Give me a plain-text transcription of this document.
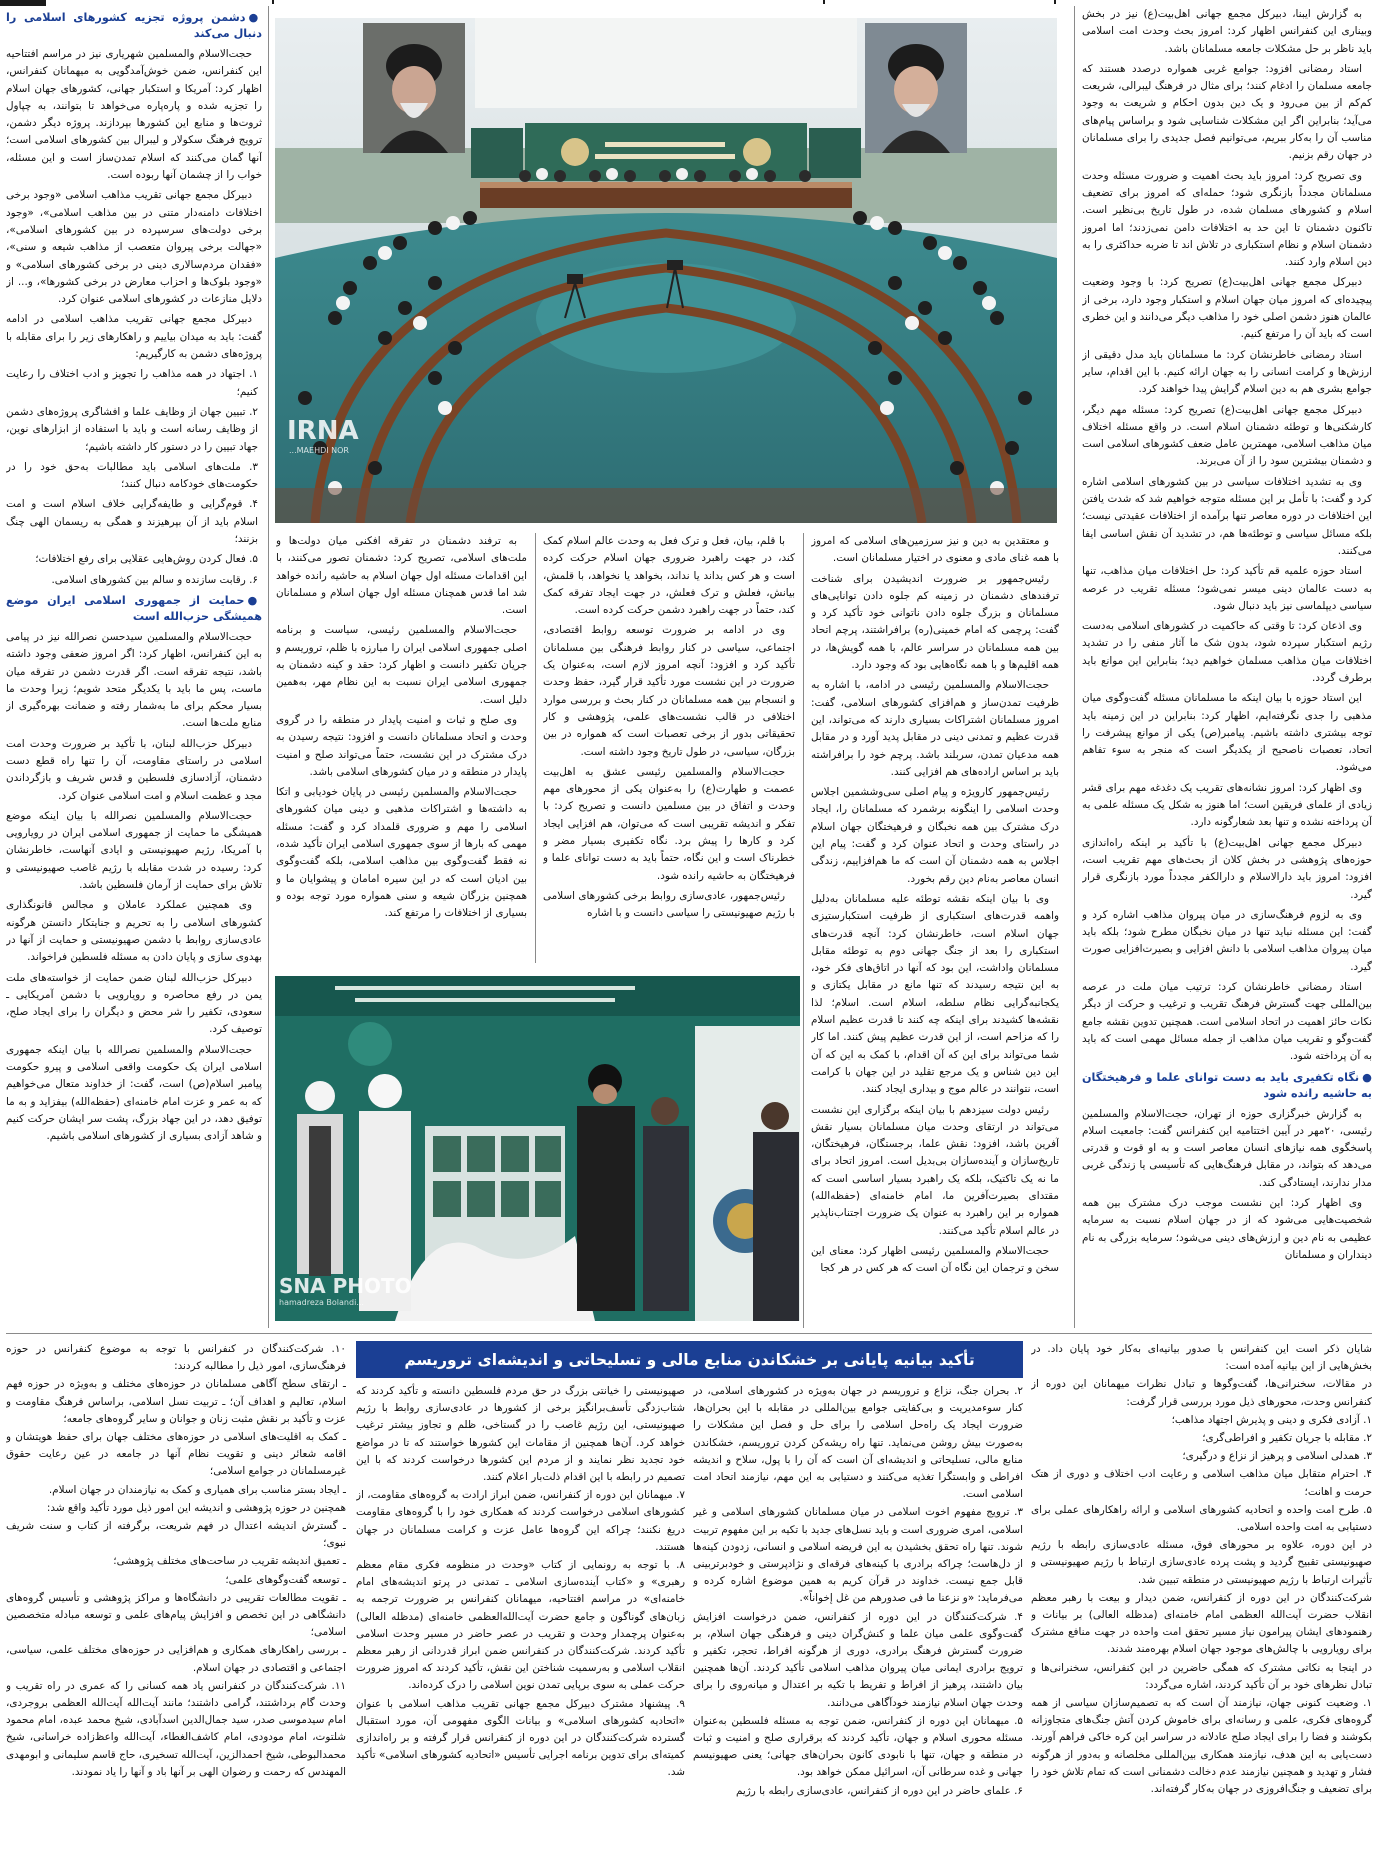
به گزارش ایبنا، دبیرکل مجمع جهانی اهل‌بیت(ع) نیز در بخش وبیناری این کنفرانس اظهار کرد: امروز بحث وحدت امت اسلامی باید ناظر بر حل مشکلات جامعه مسلمانان باشد.

استاد رمضانی افزود: جوامع غربی همواره درصدد هستند که جامعه مسلمان را ادغام کنند؛ برای مثال در فرهنگ لیبرالی، شریعت کم‌کم از بین می‌رود و یک دین بدون احکام و شریعت به وجود می‌آید؛ بنابراین اگر این مشکلات شناسایی شود و براساس پیام‌های مناسب آن را به‌کار ببریم، می‌توانیم فصل جدیدی را برای مسلمانان در جهان رقم بزنیم.

وی تصریح کرد: امروز باید بحث اهمیت و ضرورت مسئله وحدت مسلمانان مجدداً بازنگری شود؛ حمله‌ای که امروز برای تضعیف اسلام و کشورهای مسلمان شده، در طول تاریخ بی‌نظیر است. تاکنون دشمنان تا این حد به اختلافات دامن نمی‌زدند؛ اما امروز دشمنان اسلام و نظام استکباری در تلاش اند تا ضربه حداکثری را به دین اسلام وارد کنند.

دبیرکل مجمع جهانی اهل‌بیت(ع) تصریح کرد: با وجود وضعیت پیچیده‌ای که امروز میان جهان اسلام و استکبار وجود دارد، برخی از عالمان هنوز دشمن اصلی خود را مذاهب دیگر می‌دانند و این خطری است که باید آن را مرتفع کنیم.

استاد رمضانی خاطرنشان کرد: ما مسلمانان باید مدل دقیقی از ارزش‌ها و کرامت انسانی را به جهان ارائه کنیم. با این اقدام، سایر جوامع بشری هم به دین اسلام گرایش پیدا خواهند کرد.

دبیرکل مجمع جهانی اهل‌بیت(ع) تصریح کرد: مسئله مهم دیگر، کارشکنی‌ها و توطئه دشمنان اسلام است. در واقع مسئله اختلاف میان مذاهب اسلامی، مهمترین عامل ضعف کشورهای اسلامی است و دشمنان بیشترین سود را از آن می‌برند.

وی به تشدید اختلافات سیاسی در بین کشورهای اسلامی اشاره کرد و گفت: با تأمل بر این مسئله متوجه خواهیم شد که شدت یافتن این اختلافات در دوره معاصر تنها برآمده از اختلافات عقیدتی نیست؛ بلکه مسائل سیاسی و توطئه‌ها هم، در تشدید آن نقش اساسی ایفا می‌کنند.

استاد حوزه علمیه قم تأکید کرد: حل اختلافات میان مذاهب، تنها به دست عالمان دینی میسر نمی‌شود؛ مسئله تقریب در عرصه سیاسی دیپلماسی نیز باید دنبال شود.

وی اذعان کرد: تا وقتی که حاکمیت در کشورهای اسلامی به‌دست رژیم استکبار سپرده شود، بدون شک ما آثار منفی را در تشدید اختلافات میان مذاهب مسلمان خواهیم دید؛ بنابراین این موانع باید برطرف گردد.

این استاد حوزه با بیان اینکه ما مسلمانان مسئله گفت‌وگوی میان مذهبی را جدی نگرفته‌ایم، اظهار کرد: بنابراین در این زمینه باید توجه بیشتری داشته باشیم. پیامبر(ص) یکی از موانع پیشرفت را اتحاد، تعصبات ناصحیح از یکدیگر است که منجر به سوء تفاهم می‌شود.

وی اظهار کرد: امروز نشانه‌های تقریب یک دغدغه مهم برای قشر زیادی از علمای فریقین است؛ اما هنوز به شکل یک مسئله علمی به آن پرداخته نشده و تنها بعد شعارگونه دارد.

دبیرکل مجمع جهانی اهل‌بیت(ع) با تأکید بر اینکه راه‌اندازی حوزه‌های پژوهشی در بخش کلان از بحث‌های مهم تقریب است، افزود: امروز باید دارالاسلام و دارالکفر مجدداً مورد بازنگری قرار گیرد.

وی به لزوم فرهنگ‌سازی در میان پیروان مذاهب اشاره کرد و گفت: این مسئله نباید تنها در میان نخبگان مطرح شود؛ بلکه باید میان پیروان مذاهب اسلامی با دانش افزایی و بصیرت‌افزایی صورت گیرد.

استاد رمضانی خاطرنشان کرد: ترتیب میان ملت در عرصه بین‌المللی جهت گسترش فرهنگ تقریب و ترغیب و حرکت از دیگر نکات حائز اهمیت در اتحاد اسلامی است. همچنین تدوین نقشه جامع گفت‌وگو و تقریب میان مذاهب از جمله مسائل مهمی است که باید به آن پرداخته شود.

●نگاه تکفیری باید به دست توانای علما و فرهیختگان به حاشیه رانده شود

به گزارش خبرگزاری حوزه از تهران، حجت‌الاسلام والمسلمین رئیسی، ۲۰مهر در آیین اختتامیه این کنفرانس گفت: جامعیت اسلام پاسخگوی همه نیازهای انسان معاصر است و به او قوت و قدرتی می‌دهد که بتواند، در مقابل فرهنگ‌هایی که تأسیسی یا زندگی غربی مدار ندارند، ایستادگی کند.

وی اظهار کرد: این نشست موجب درک مشترک بین همه شخصیت‌هایی می‌شود که از در جهان اسلام نسبت به سرمایه عظیمی به نام دین و ارزش‌های دینی می‌شود؛ سرمایه بزرگی به نام دینداران و مسلمانان

IRNA
MAEHDI NOR...

و معتقدین به دین و نیز سرزمین‌های اسلامی که امروز با همه غنای مادی و معنوی در اختیار مسلمانان است.

رئیس‌جمهور بر ضرورت اندیشیدن برای شناخت ترفندهای دشمنان در زمینه کم جلوه دادن توانایی‌های مسلمانان و بزرگ جلوه دادن ناتوانی خود تأکید کرد و گفت: پرچمی که امام خمینی(ره) برافراشتند، پرچم اتحاد بین همه مسلمانان در سراسر عالم، با همه گویش‌ها، در همه اقلیم‌ها و با همه نگاه‌هایی بود که وجود دارد.

حجت‌الاسلام والمسلمین رئیسی در ادامه، با اشاره به ظرفیت تمدن‌ساز و هم‌افزای کشورهای اسلامی، گفت: امروز مسلمانان اشتراکات بسیاری دارند که می‌تواند، این قدرت عظیم و تمدنی دینی در مقابل پدید آورد و در مقابل همه مدعیان تمدن، سربلند باشد. پرچم خود را برافراشته باید بر اساس اراده‌های هم افزایی کنند.

رئیس‌جمهور کارویژه و پیام اصلی سی‌وششمین اجلاس وحدت اسلامی را اینگونه برشمرد که مسلمانان را، ایجاد درک مشترک بین همه نخبگان و فرهیختگان جهان اسلام در راستای وحدت و اتحاد عنوان کرد و گفت: پیام این اجلاس به همه دشمنان آن است که ما هم‌افزاییم، زندگی انسان معاصر به‌نام دین رقم بخورد.

وی با بیان اینکه نقشه توطئه علیه مسلمانان به‌دلیل واهمه قدرت‌های استکباری از ظرفیت استکبارستیزی جهان اسلام است، خاطرنشان کرد: آنچه قدرت‌های استکباری را بعد از جنگ جهانی دوم به توطئه مقابل مسلمانان واداشت، این بود که آنها در اتاق‌های فکر خود، به این نتیجه رسیدند که تنها مانع در مقابل یکتازی و یکجانبه‌گرایی نظام سلطه، اسلام است. اسلام؛ لذا نقشه‌ها کشیدند برای اینکه چه کنند تا قدرت عظیم اسلام را که مزاحم است، از این قدرت عظیم پیش کنند. اما کار شما می‌تواند برای این که آن اقدام، با کمک به این که آن این دین شناس و یک مرجع تقلید در این جهان با کرامت است، نتوانند در عالم موج و بیداری ایجاد کنند.

رئیس دولت سیزدهم با بیان اینکه برگزاری این نشست می‌تواند در ارتقای وحدت میان مسلمانان بسیار نقش آفرین باشد، افزود: نقش علما، برجستگان، فرهیختگان، تاریخ‌سازان و آینده‌سازان بی‌بدیل است. امروز اتحاد برای ما نه یک تاکتیک، بلکه یک راهبرد بسیار اساسی است که مقتدای بصیرت‌آفرین ما، امام خامنه‌ای (حفظه‌الله) همواره بر این راهبرد به عنوان یک ضرورت اجتناب‌ناپذیر در عالم اسلام تأکید می‌کنند.

حجت‌الاسلام والمسلمین رئیسی اظهار کرد: معنای این سخن و ترجمان این نگاه آن است که هر کس در هر کجا

با قلم، بیان، فعل و ترک فعل به وحدت عالم اسلام کمک کند، در جهت راهبرد ضروری جهان اسلام حرکت کرده است و هر کس بداند یا نداند، بخواهد یا نخواهد، با قلمش، بیانش، فعلش و ترک فعلش، در جهت ایجاد تفرقه کمک کند، حتماً در جهت راهبرد دشمن حرکت کرده است.

وی در ادامه بر ضرورت توسعه روابط اقتصادی، اجتماعی، سیاسی در کنار روابط فرهنگی بین مسلمانان تأکید کرد و افزود: آنچه امروز لازم است، به‌عنوان یک ضرورت در این نشست مورد تأکید قرار گیرد، حفظ وحدت و انسجام بین همه مسلمانان در کنار بحث و بررسی موارد اختلافی در قالب نشست‌های علمی، پژوهشی و کار تحقیقاتی بدور از برخی تعصبات است که همواره در بین بزرگان، سیاسی، در طول تاریخ وجود داشته است.

حجت‌الاسلام والمسلمین رئیسی عشق به اهل‌بیت عصمت و طهارت(ع) را به‌عنوان یکی از محورهای مهم وحدت و اتفاق در بین مسلمین دانست و تصریح کرد: با تفکر و اندیشه تقریبی است که می‌توان، هم افزایی ایجاد کرد و کارها را پیش برد. نگاه تکفیری بسیار مضر و خطرناک است و این نگاه، حتماً باید به دست توانای علما و فرهیختگان به حاشیه رانده شود.

رئیس‌جمهور، عادی‌سازی روابط برخی کشورهای اسلامی با رژیم صهیونیستی را سیاسی دانست و با اشاره

به ترفند دشمنان در تفرقه افکنی میان دولت‌ها و ملت‌های اسلامی، تصریح کرد: دشمنان تصور می‌کنند، با این اقدامات مسئله اول جهان اسلام به حاشیه رانده خواهد شد اما قدس همچنان مسئله اول جهان اسلام و مسلمانان است.

حجت‌الاسلام والمسلمین رئیسی، سیاست و برنامه اصلی جمهوری اسلامی ایران را مبارزه با ظلم، تروریسم و جریان تکفیر دانست و اظهار کرد: حقد و کینه دشمنان به جمهوری اسلامی ایران نسبت به این نظام مهر، به‌همین دلیل است.

وی صلح و ثبات و امنیت پایدار در منطقه را در گروی وحدت و اتحاد مسلمانان دانست و افزود: نتیجه رسیدن به درک مشترک در این نشست، حتماً می‌تواند صلح و امنیت پایدار در منطقه و در میان کشورهای اسلامی باشد.

حجت‌الاسلام والمسلمین رئیسی در پایان خودیابی و اتکا به داشته‌ها و اشتراکات مذهبی و دینی میان کشورهای اسلامی را مهم و ضروری قلمداد کرد و گفت: مسئله مهمی که بارها از سوی جمهوری اسلامی ایران تأکید شده، نه فقط گفت‌وگوی بین مذاهب اسلامی، بلکه گفت‌وگوی بین ادیان است که در این سیره امامان و پیشوایان ما و همچنین بزرگان شیعه و سنی همواره مورد توجه بوده و بسیاری از اختلافات را مرتفع کند.

SNA PHOTO
...hamadreza Bolandi
●دشمن پروژه تجزیه کشورهای اسلامی را دنبال می‌کند

حجت‌الاسلام والمسلمین شهریاری نیز در مراسم افتتاحیه این کنفرانس، ضمن خوش‌آمدگویی به میهمانان کنفرانس، اظهار کرد: آمریکا و استکبار جهانی، کشورهای جهان اسلام را تجزیه شده و پاره‌پاره می‌خواهد تا بتوانند، به چپاول ثروت‌ها و منابع این کشورها بپردازند. پروژه دیگر دشمن، ترویج فرهنگ سکولار و لیبرال بین کشورهای اسلامی است؛ آنها گمان می‌کنند که اسلام تمدن‌ساز است و این مسئله، خواب را از چشمان آنها ربوده است.

دبیرکل مجمع جهانی تقریب مذاهب اسلامی «وجود برخی اختلافات دامنه‌دار متنی در بین مذاهب اسلامی»، «وجود برخی دولت‌های سرسپرده در بین کشورهای اسلامی»، «جهالت برخی پیروان متعصب از مذاهب شیعه و سنی»، «فقدان مردم‌سالاری دینی در برخی کشورهای اسلامی» و «وجود بلوک‌ها و احزاب معارض در برخی کشورها»، و... از دلایل منازعات در کشورهای اسلامی عنوان کرد.

دبیرکل مجمع جهانی تقریب مذاهب اسلامی در ادامه گفت: باید به میدان بیاییم و راهکارهای زیر را برای مقابله با پروژه‌های دشمن به کارگیریم:

۱. اجتهاد در همه مذاهب را تجویز و ادب اختلاف را رعایت کنیم؛

۲. تبیین جهان از وظایف علما و افشاگری پروژه‌های دشمن از وظایف رسانه است و باید با استفاده از ابزارهای نوین، جهاد تبیین را در دستور کار داشته باشیم؛

۳. ملت‌های اسلامی باید مطالبات به‌حق خود را در حکومت‌های خودکامه دنبال کنند؛

۴. قوم‌گرایی و طایفه‌گرایی خلاف اسلام است و امت اسلام باید از آن بپرهیزند و همگی به ریسمان الهی چنگ بزنند؛

۵. فعال کردن روش‌هایی عقلایی برای رفع اختلافات؛

۶. رقابت سازنده و سالم بین کشورهای اسلامی.

●حمایت از جمهوری اسلامی ایران موضع همیشگی حزب‌الله است

حجت‌الاسلام والمسلمین سیدحسن نصرالله نیز در پیامی به این کنفرانس، اظهار کرد: اگر امروز ضعفی وجود داشته باشد، نتیجه تفرقه است. اگر قدرت دشمن در تفرقه میان ماست، پس ما باید با یکدیگر متحد شویم؛ زیرا وحدت ما بسیار محکم برای ما به‌شمار رفته و ضمانت بهره‌گیری از منابع ملت‌ها است.

دبیرکل حزب‌الله لبنان، با تأکید بر ضرورت وحدت امت اسلامی در راستای مقاومت، آن را تنها راه قطع دست دشمنان، آزادسازی فلسطین و قدس شریف و بازگرداندن مجد و عظمت اسلام و امت اسلامی عنوان کرد.

حجت‌الاسلام والمسلمین نصرالله با بیان اینکه موضع همیشگی ما حمایت از جمهوری اسلامی ایران در رویارویی با آمریکا، رژیم صهیونیستی و ایادی آنهاست، خاطرنشان کرد: رسیده در شدت مقابله با رژیم غاصب صهیونیستی و تلاش برای حمایت از آرمان فلسطین باشد.

وی همچنین عملکرد عاملان و مجالس قانونگذاری کشورهای اسلامی را به تحریم و جنایتکار دانستن هرگونه عادی‌سازی روابط با دشمن صهیونیستی و حمایت از آنها در بهدوی سازی و پایان دادن به مسئله فلسطین فراخواند.

دبیرکل حزب‌الله لبنان ضمن حمایت از خواسته‌های ملت یمن در رفع محاصره و رویارویی با دشمن آمریکایی ـ سعودی، تکفیر را شر محض و دیگران را برای ایجاد صلح، توصیف کرد.

حجت‌الاسلام والمسلمین نصرالله با بیان اینکه جمهوری اسلامی ایران یک حکومت واقعی اسلامی و پیرو حکومت پیامبر اسلام(ص) است، گفت: از خداوند متعال می‌خواهیم که به عمر و عزت امام خامنه‌ای (حفظه‌الله) بیفزاید و به ما توفیق دهد، در این جهاد بزرگ، پشت سر ایشان حرکت کنیم و شاهد آزادی بسیاری از کشورهای اسلامی باشیم.

تأکید بیانیه پایانی بر خشکاندن منابع مالی و تسلیحاتی و اندیشه‌ای تروریسم

شایان ذکر است این کنفرانس با صدور بیانیه‌ای به‌کار خود پایان داد. در بخش‌هایی از این بیانیه آمده است:

در مقالات، سخنرانی‌ها، گفت‌وگوها و تبادل نظرات میهمانان این دوره از کنفرانس وحدت، محورهای ذیل مورد بررسی قرار گرفت:

۱. آزادی فکری و دینی و پذیرش اجتهاد مذاهب؛

۲. مقابله با جریان تکفیر و افراطی‌گری؛

۳. همدلی اسلامی و پرهیز از نزاع و درگیری؛

۴. احترام متقابل میان مذاهب اسلامی و رعایت ادب اختلاف و دوری از هتک حرمت و اهانت؛

۵. طرح امت واحده و اتحادیه کشورهای اسلامی و ارائه راهکارهای عملی برای دستیابی به امت واحده اسلامی.

در این دوره، علاوه بر محورهای فوق، مسئله عادی‌سازی رابطه با رژیم صهیونیستی تقبیح گردید و پشت پرده عادی‌سازی ارتباط با رژیم صهیونیستی و تأثیرات ارتباط با رژیم صهیونیستی در منطقه تبیین شد.

شرکت‌کنندگان در این دوره از کنفرانس، ضمن دیدار و بیعت با رهبر معظم انقلاب حضرت آیت‌الله العظمی امام خامنه‌ای (مدظله العالی) بر بیانات و رهنمودهای ایشان پیرامون نیاز مسیر تحقق امت واحده در جهت منافع مشترک برای رویارویی با چالش‌های موجود جهان اسلام بهره‌مند شدند.

در اینجا به نکاتی مشترک که همگی حاضرین در این کنفرانس، سخنرانی‌ها و تبادل نظرهای خود بر آن تأکید کردند، اشاره می‌گردد:

۱. وضعیت کنونی جهان، نیازمند آن است که به تصمیم‌سازان سیاسی از همه گروه‌های فکری، علمی و رسانه‌ای برای خاموش کردن آتش جنگ‌های متجاوزانه بکوشند و فضا را برای ایجاد صلح عادلانه در سراسر این کره خاکی فراهم آورند. دست‌یابی به این هدف، نیازمند همکاری بین‌المللی مخلصانه و به‌دور از هرگونه فشار و تهدید و همچنین نیازمند عدم دخالت دشمنانی است که تمام تلاش خود را برای تضعیف و جنگ‌افروزی در جهان به‌کار گرفته‌اند.

۲. بحران جنگ، نزاع و تروریسم در جهان به‌ویژه در کشورهای اسلامی، در کنار سوءمدیریت و بی‌کفایتی جوامع بین‌المللی در مقابله با این بحران‌ها، ضرورت ایجاد یک راه‌حل اسلامی را برای حل و فصل این مشکلات را به‌صورت بیش روشن می‌نماید. تنها راه ریشه‌کن کردن تروریسم، خشکاندن منابع مالی، تسلیحاتی و اندیشه‌ای آن است که آن را با پول، سلاح و اندیشه افراطی و وابستگرا تغذیه می‌کنند و دستیابی به این مهم، نیازمند اتحاد امت اسلامی است.

۳. ترویج مفهوم اخوت اسلامی در میان مسلمانان کشورهای اسلامی و غیر اسلامی، امری ضروری است و باید نسل‌های جدید با تکیه بر این مفهوم تربیت شوند. تنها راه تحقق بخشیدن به این فریضه اسلامی و انسانی، زدودن کینه‌ها از دل‌هاست؛ چراکه برادری با کینه‌های فرقه‌ای و نژادپرستی و خودبرتربینی قابل جمع نیست. خداوند در قرآن کریم به همین موضوع اشاره کرده و می‌فرماید: «و نزعنا ما فی صدورهم من غل إخواناً».

۴. شرکت‌کنندگان در این دوره از کنفرانس، ضمن درخواست افزایش گفت‌وگوی علمی میان علما و کنش‌گران دینی و فرهنگی جهان اسلام، بر ضرورت گسترش فرهنگ برادری، دوری از هرگونه افراط، تحجر، تکفیر و ترویج برادری ایمانی میان پیروان مذاهب اسلامی تأکید کردند. آن‌ها همچنین بیان داشتند، پرهیز از افراط و تفریط با تکیه بر اعتدال و میانه‌روی را برای وحدت جهان اسلام نیازمند خودآگاهی می‌دانند.

۵. میهمانان این دوره از کنفرانس، ضمن توجه به مسئله فلسطین به‌عنوان مسئله محوری اسلام و جهان، تأکید کردند که برقراری صلح و امنیت و ثبات در منطقه و جهان، تنها با نابودی کانون بحران‌های جهانی؛ یعنی صهیونیسم جهانی و غده سرطانی آن، اسرائیل ممکن خواهد بود.

۶. علمای حاضر در این دوره از کنفرانس، عادی‌سازی رابطه با رژیم

صهیونیستی را خیانتی بزرگ در حق مردم فلسطین دانسته و تأکید کردند که شتاب‌زدگی تأسف‌برانگیز برخی از کشورها در عادی‌سازی روابط با رژیم صهیونیستی، این رژیم غاصب را در گستاخی، ظلم و تجاوز بیشتر ترغیب خواهد کرد. آن‌ها همچنین از مقامات این کشورها خواستند که تا در مواضع خود تجدید نظر نمایند و از مردم این کشورها درخواست کردند که با این تصمیم در رابطه با این اقدام ذلت‌بار اعلام کنند.

۷. میهمانان این دوره از کنفرانس، ضمن ابراز ارادت به گروه‌های مقاومت، از کشورهای اسلامی درخواست کردند که همکاری خود را با گروه‌های مقاومت دریغ نکنند؛ چراکه این گروه‌ها عامل عزت و کرامت مسلمانان در جهان هستند.

۸. با توجه به رونمایی از کتاب «وحدت در منظومه فکری مقام معظم رهبری» و «کتاب آینده‌سازی اسلامی ـ تمدنی در پرتو اندیشه‌های امام خامنه‌ای» در مراسم افتتاحیه، میهمانان کنفرانس بر ضرورت ترجمه به زبان‌های گوناگون و جامع حضرت آیت‌الله‌العظمی خامنه‌ای (مدظله العالی) به‌عنوان پرچمدار وحدت و تقریب در عصر حاضر در مسیر وحدت اسلامی تأکید کردند. شرکت‌کنندگان در کنفرانس ضمن ابراز قدردانی از رهبر معظم انقلاب اسلامی و به‌رسمیت شناختن این نقش، تأکید کردند که امروز ضرورت حرکت عملی به سوی برپایی تمدن نوین اسلامی را درک کرده‌اند.

۹. پیشنهاد مشترک دبیرکل مجمع جهانی تقریب مذاهب اسلامی با عنوان «اتحادیه کشورهای اسلامی» و بیانات الگوی مفهومی آن، مورد استقبال گسترده شرکت‌کنندگان در این دوره از کنفرانس قرار گرفته و بر راه‌اندازی کمیته‌ای برای تدوین برنامه اجرایی تأسیس «اتحادیه کشورهای اسلامی» تأکید شد.

۱۰. شرکت‌کنندگان در کنفرانس با توجه به موضوع کنفرانس در حوزه فرهنگ‌سازی، امور ذیل را مطالبه کردند:

ـ ارتقای سطح آگاهی مسلمانان در حوزه‌های مختلف و به‌ویژه در حوزه فهم اسلام، تعالیم و اهداف آن؛ ـ تربیت نسل اسلامی، براساس فرهنگ مقاومت و عزت و تأکید بر نقش مثبت زنان و جوانان و سایر گروه‌های جامعه؛

ـ کمک به اقلیت‌های اسلامی در حوزه‌های مختلف جهان برای حفظ هویتشان و اقامه شعائر دینی و تقویت نظام آنها در جامعه در عین رعایت حقوق غیرمسلمانان در جوامع اسلامی؛

ـ ایجاد بستر مناسب برای همیاری و کمک به نیازمندان در جهان اسلام.

همچنین در حوزه پژوهشی و اندیشه این امور ذیل مورد تأکید واقع شد:

ـ گسترش اندیشه اعتدال در فهم شریعت، برگرفته از کتاب و سنت شریف نبوی؛

ـ تعمیق اندیشه تقریب در ساحت‌های مختلف پژوهشی؛

ـ توسعه گفت‌وگوهای علمی؛

ـ تقویت مطالعات تقریبی در دانشگاه‌ها و مراکز پژوهشی و تأسیس گروه‌های دانشگاهی در این تخصص و افزایش پیام‌های علمی و توسعه مبادله متخصصین اسلامی؛

ـ بررسی راهکارهای همکاری و هم‌افزایی در حوزه‌های مختلف علمی، سیاسی، اجتماعی و اقتصادی در جهان اسلام.

۱۱. شرکت‌کنندگان در کنفرانس یاد همه کسانی را که عمری در راه تقریب و وحدت گام برداشتند، گرامی داشتند؛ مانند آیت‌الله آیت‌الله العظمی بروجردی، امام سیدموسی صدر، سید جمال‌الدین اسدآبادی، شیخ محمد عبده، امام محمود شلتوت، امام مودودی، امام کاشف‌الغطاء، آیت‌الله واعظ‌زاده خراسانی، شیخ محمدالبوطی، شیخ احمدالزین، آیت‌الله تسخیری، حاج قاسم سلیمانی و ابومهدی المهندس که رحمت و رضوان الهی بر آنها باد و آنها را یاد نمودند.
